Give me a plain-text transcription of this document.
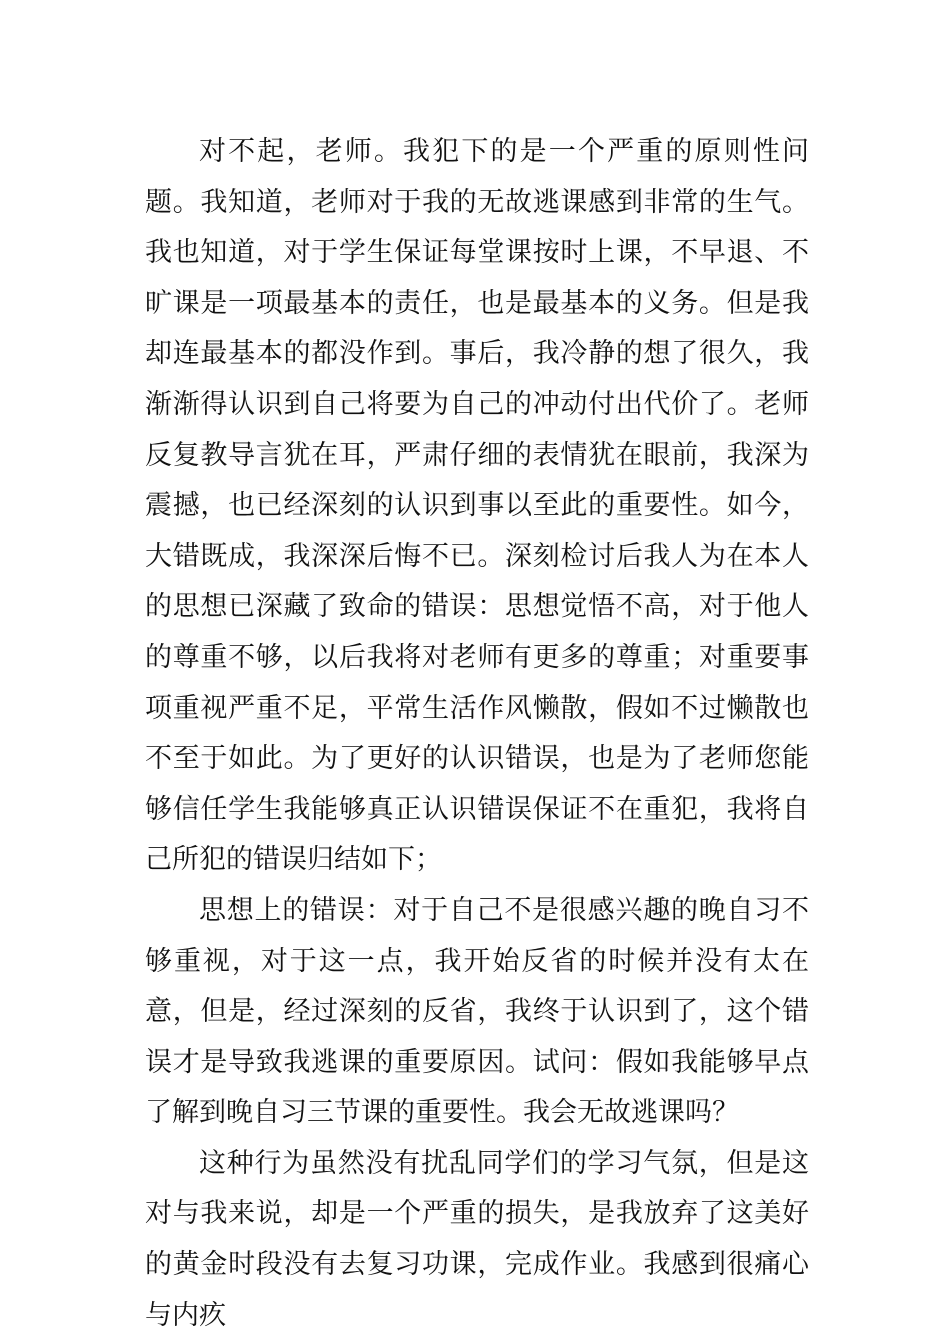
对不起，老师。我犯下的是一个严重的原则性问题。我知道，老师对于我的无故逃课感到非常的生气。我也知道，对于学生保证每堂课按时上课，不早退、不旷课是一项最基本的责任，也是最基本的义务。但是我却连最基本的都没作到。事后，我冷静的想了很久，我渐渐得认识到自己将要为自己的冲动付出代价了。老师反复教导言犹在耳，严肃仔细的表情犹在眼前，我深为震撼，也已经深刻的认识到事以至此的重要性。如今，大错既成，我深深后悔不已。深刻检讨后我人为在本人的思想已深藏了致命的错误：思想觉悟不高，对于他人的尊重不够，以后我将对老师有更多的尊重；对重要事项重视严重不足，平常生活作风懒散，假如不过懒散也不至于如此。为了更好的认识错误，也是为了老师您能够信任学生我能够真正认识错误保证不在重犯，我将自己所犯的错误归结如下；

思想上的错误：对于自己不是很感兴趣的晚自习不够重视，对于这一点，我开始反省的时候并没有太在意，但是，经过深刻的反省，我终于认识到了，这个错误才是导致我逃课的重要原因。试问：假如我能够早点了解到晚自习三节课的重要性。我会无故逃课吗？

这种行为虽然没有扰乱同学们的学习气氛，但是这对与我来说，却是一个严重的损失，是我放弃了这美好的黄金时段没有去复习功课，完成作业。我感到很痛心与内疚
